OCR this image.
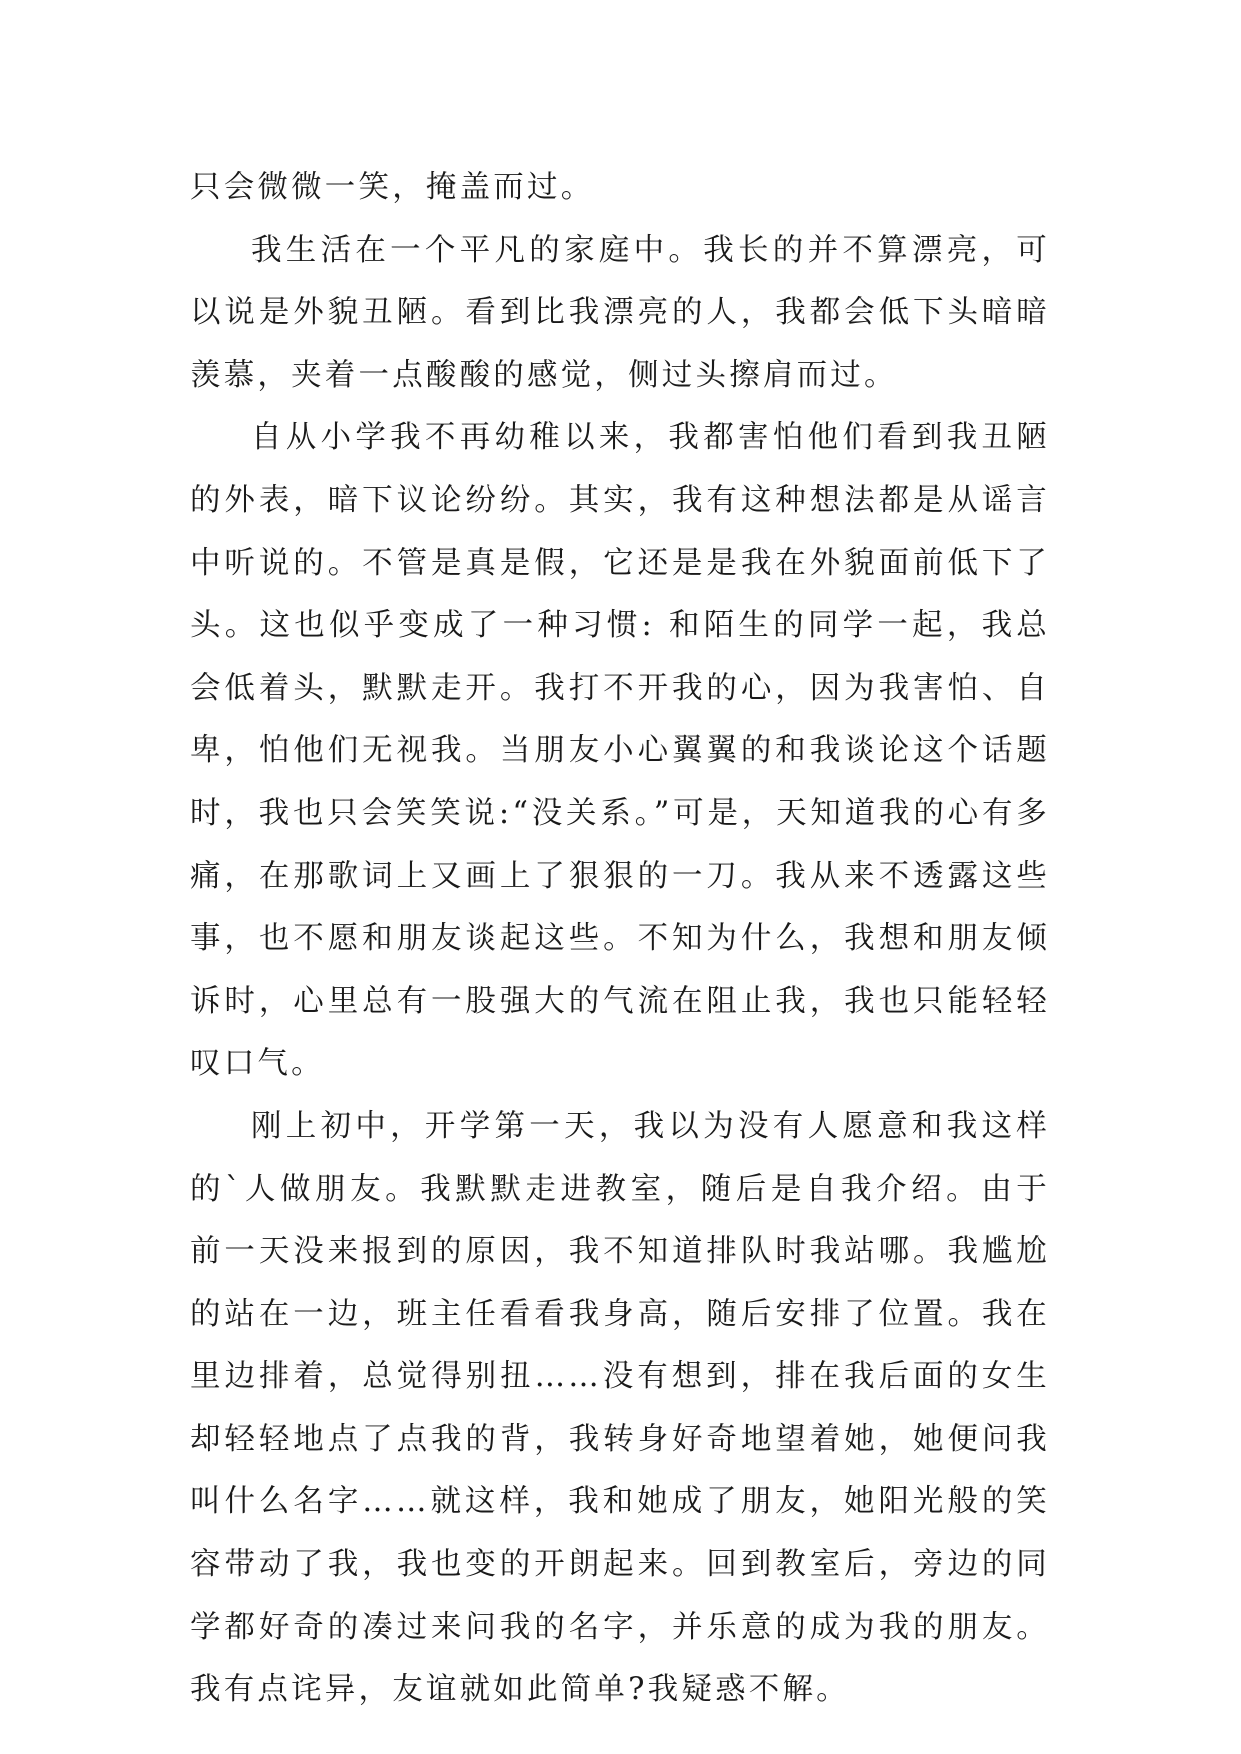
只会微微一笑，掩盖而过。

我生活在一个平凡的家庭中。我长的并不算漂亮，可以说是外貌丑陋。看到比我漂亮的人，我都会低下头暗暗羡慕，夹着一点酸酸的感觉，侧过头擦肩而过。

自从小学我不再幼稚以来，我都害怕他们看到我丑陋的外表，暗下议论纷纷。其实，我有这种想法都是从谣言中听说的。不管是真是假，它还是是我在外貌面前低下了头。这也似乎变成了一种习惯: 和陌生的同学一起，我总会低着头，默默走开。我打不开我的心，因为我害怕、自卑，怕他们无视我。当朋友小心翼翼的和我谈论这个话题时，我也只会笑笑说:“没关系。”可是，天知道我的心有多痛，在那歌词上又画上了狠狠的一刀。我从来不透露这些事，也不愿和朋友谈起这些。不知为什么，我想和朋友倾诉时，心里总有一股强大的气流在阻止我，我也只能轻轻叹口气。

刚上初中，开学第一天，我以为没有人愿意和我这样的`人做朋友。我默默走进教室，随后是自我介绍。由于前一天没来报到的原因，我不知道排队时我站哪。我尴尬的站在一边，班主任看看我身高，随后安排了位置。我在里边排着，总觉得别扭……没有想到，排在我后面的女生却轻轻地点了点我的背，我转身好奇地望着她，她便问我叫什么名字……就这样，我和她成了朋友，她阳光般的笑容带动了我，我也变的开朗起来。回到教室后，旁边的同学都好奇的凑过来问我的名字，并乐意的成为我的朋友。我有点诧异，友谊就如此简单?我疑惑不解。
